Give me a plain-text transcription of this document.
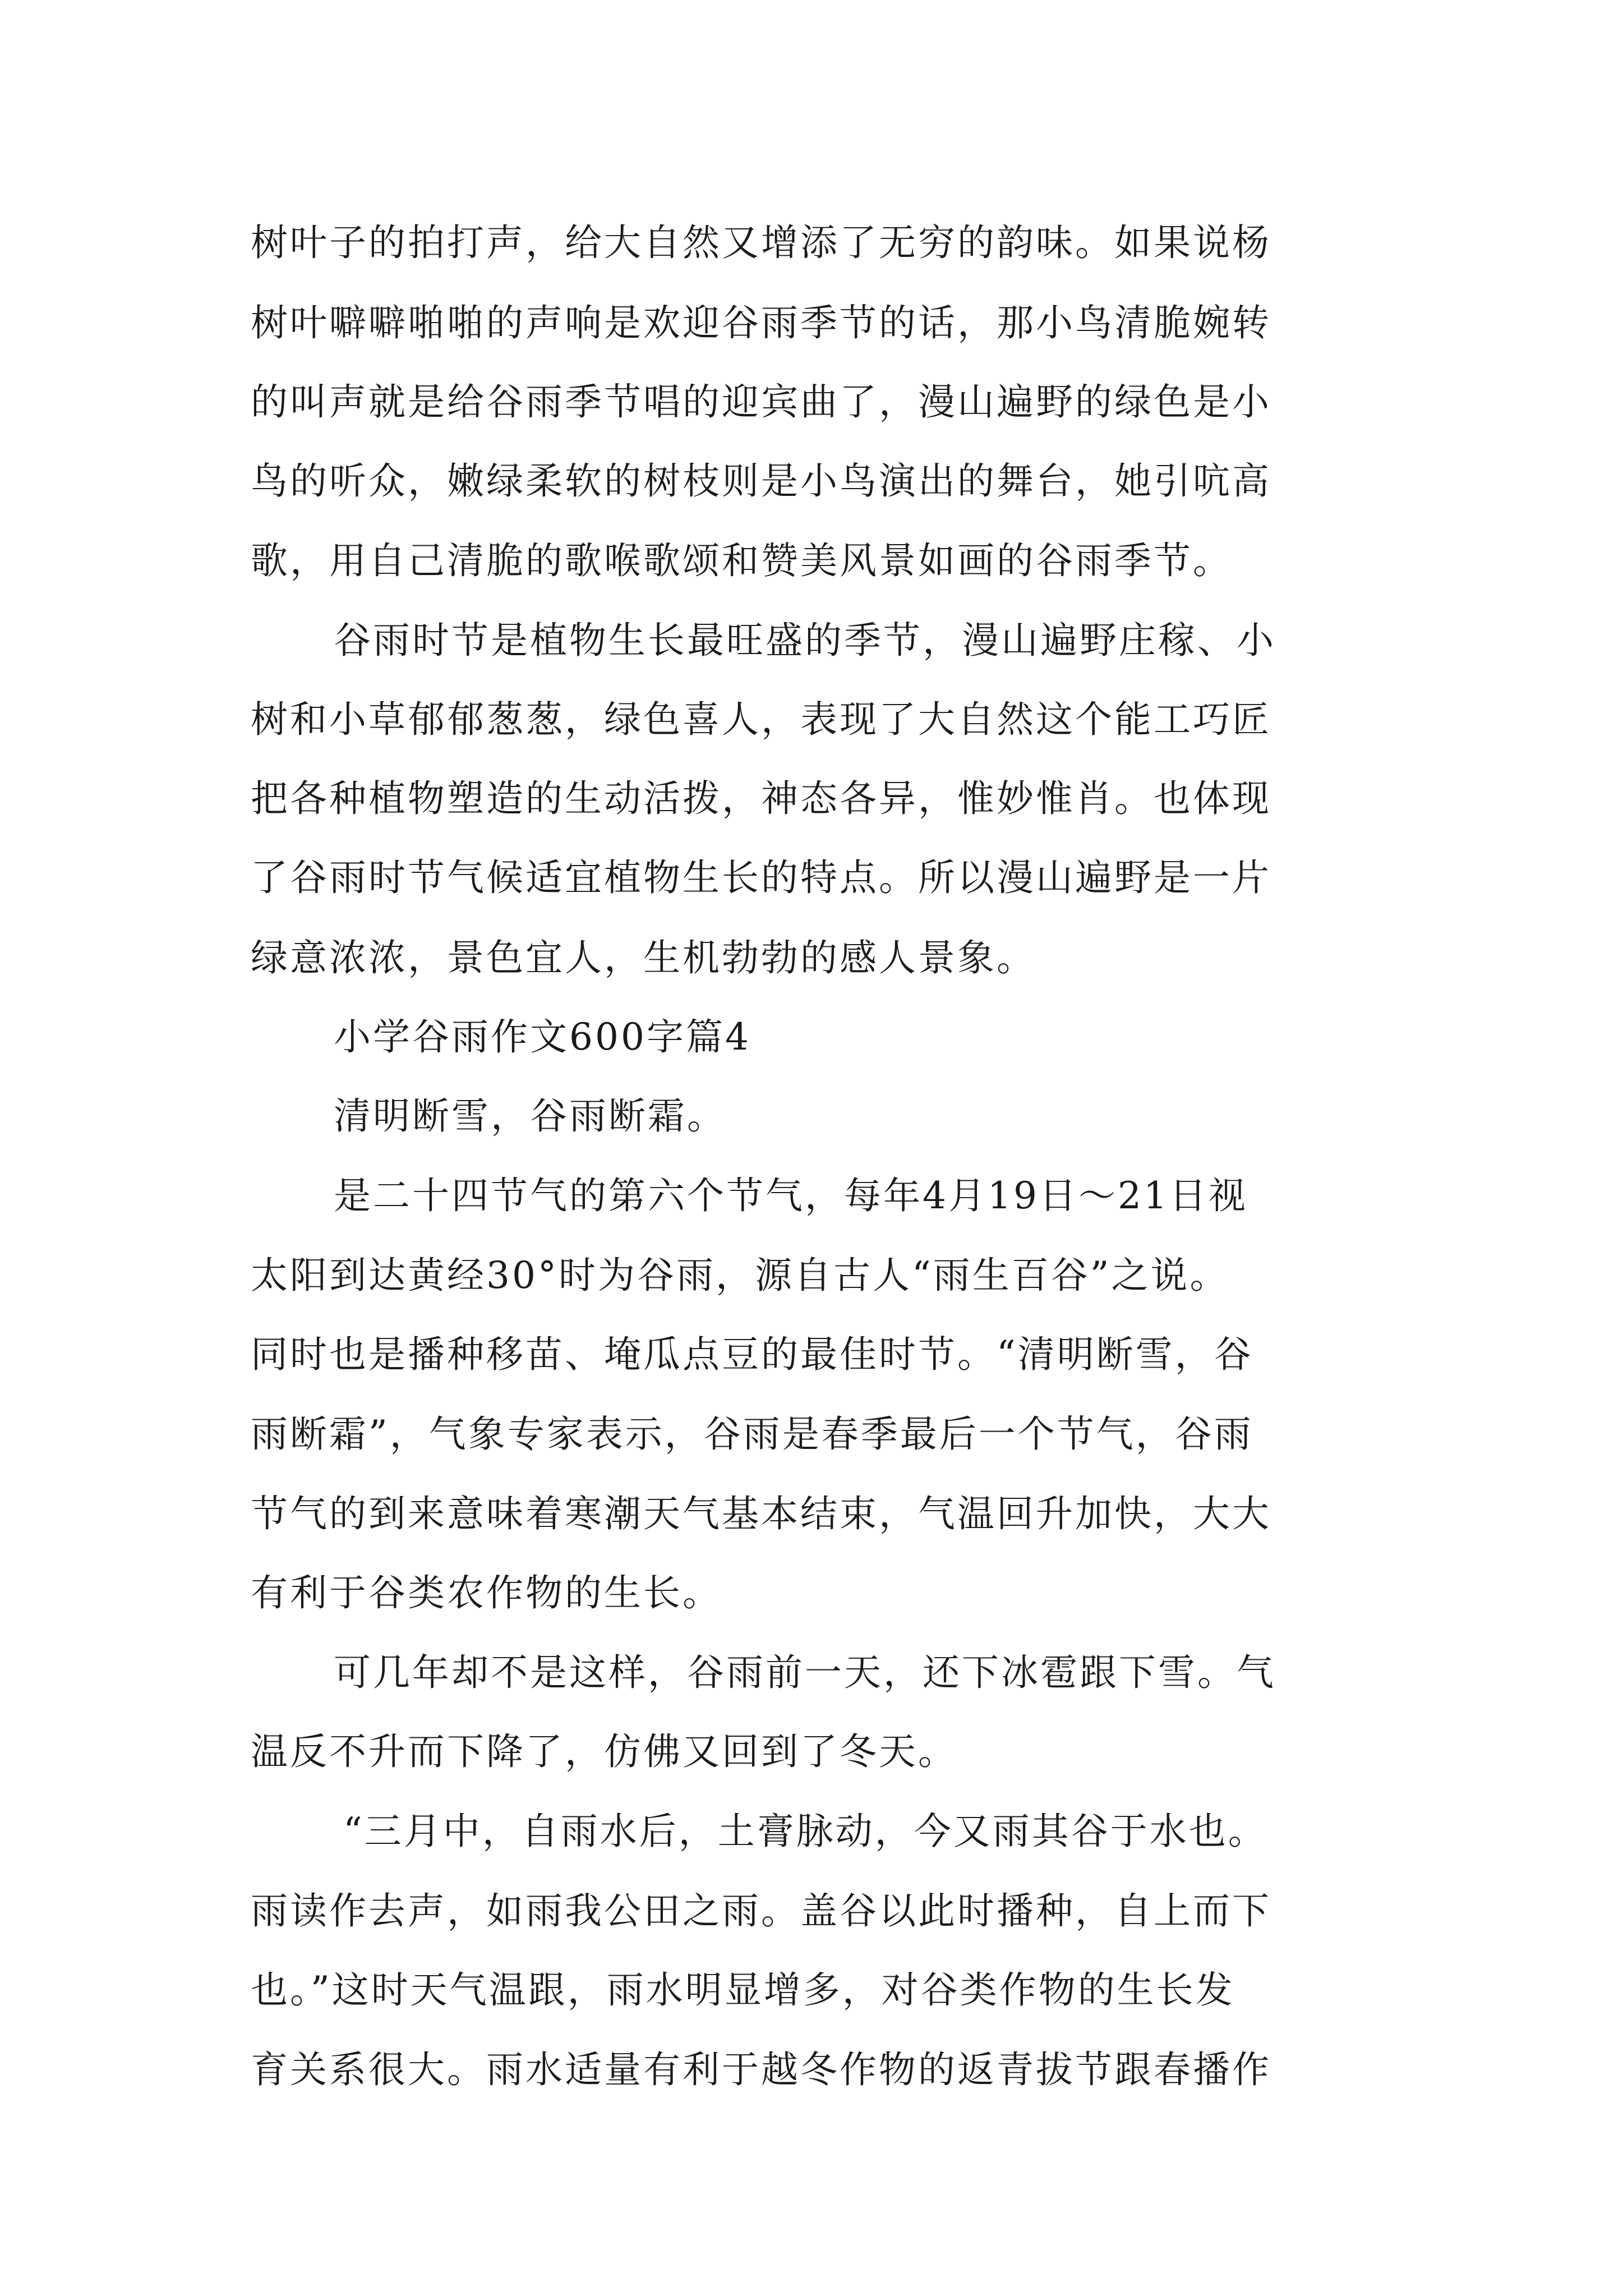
树叶子的拍打声，给大自然又增添了无穷的韵味。如果说杨
树叶噼噼啪啪的声响是欢迎谷雨季节的话，那小鸟清脆婉转
的叫声就是给谷雨季节唱的迎宾曲了，漫山遍野的绿色是小
鸟的听众，嫩绿柔软的树枝则是小鸟演出的舞台，她引吭高
歌，用自己清脆的歌喉歌颂和赞美风景如画的谷雨季节。
谷雨时节是植物生长最旺盛的季节，漫山遍野庄稼、小
树和小草郁郁葱葱，绿色喜人，表现了大自然这个能工巧匠
把各种植物塑造的生动活拨，神态各异，惟妙惟肖。也体现
了谷雨时节气候适宜植物生长的特点。所以漫山遍野是一片
绿意浓浓，景色宜人，生机勃勃的感人景象。
小学谷雨作文600字篇4
清明断雪，谷雨断霜。
是二十四节气的第六个节气，每年4月19日～21日视
太阳到达黄经30°时为谷雨，源自古人“雨生百谷”之说。
同时也是播种移苗、埯瓜点豆的最佳时节。“清明断雪，谷
雨断霜”，气象专家表示，谷雨是春季最后一个节气，谷雨
节气的到来意味着寒潮天气基本结束，气温回升加快，大大
有利于谷类农作物的生长。
可几年却不是这样，谷雨前一天，还下冰雹跟下雪。气
温反不升而下降了，仿佛又回到了冬天。
“三月中，自雨水后，土膏脉动，今又雨其谷于水也。
雨读作去声，如雨我公田之雨。盖谷以此时播种，自上而下
也。”这时天气温跟，雨水明显增多，对谷类作物的生长发
育关系很大。雨水适量有利于越冬作物的返青拔节跟春播作
